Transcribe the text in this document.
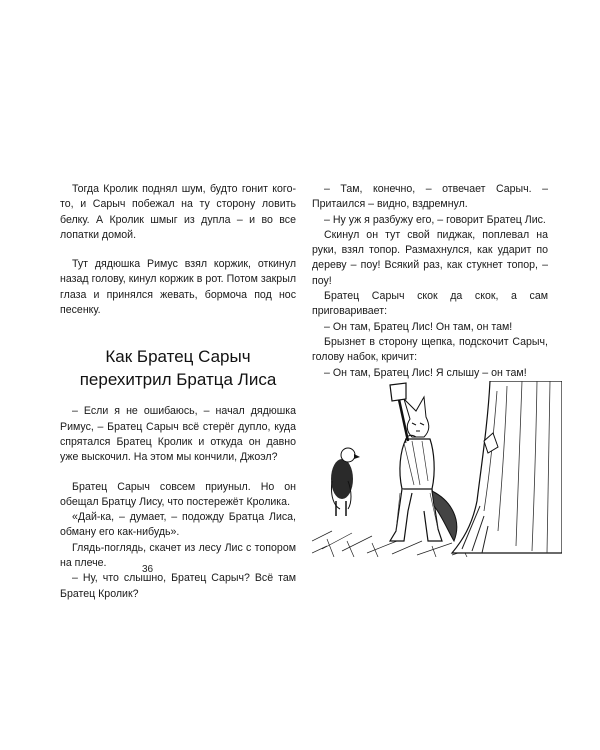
Тогда Кролик поднял шум, будто гонит кого-то, и Сарыч побежал на ту сторону ловить белку. А Кролик шмыг из дупла – и во все лопатки домой.

Тут дядюшка Римус взял коржик, откинул назад голову, кинул коржик в рот. Потом закрыл глаза и принялся жевать, бормоча под нос песенку.

Как Братец Сарыч
перехитрил Братца Лиса

– Если я не ошибаюсь, – начал дядюшка Римус, – Братец Сарыч всё стерёг дупло, куда спрятался Братец Кролик и откуда он давно уже выскочил. На этом мы кончили, Джоэл?

Братец Сарыч совсем приуныл. Но он обещал Братцу Лису, что постережёт Кролика.

«Дай-ка, – думает, – подожду Братца Лиса, обману его как-нибудь».

Глядь-поглядь, скачет из лесу Лис с топором на плече.

– Ну, что слышно, Братец Сарыч? Всё там Братец Кролик?

36

– Там, конечно, – отвечает Сарыч. – Притаился – видно, вздремнул.

– Ну уж я разбужу его, – говорит Братец Лис.

Скинул он тут свой пиджак, поплевал на руки, взял топор. Размахнулся, как ударит по дереву – поу! Всякий раз, как стукнет топор, – поу!

Братец Сарыч скок да скок, а сам приговаривает:

– Он там, Братец Лис! Он там, он там!

Брызнет в сторону щепка, подскочит Сарыч, голову набок, кричит:

– Он там, Братец Лис! Я слышу – он там!
